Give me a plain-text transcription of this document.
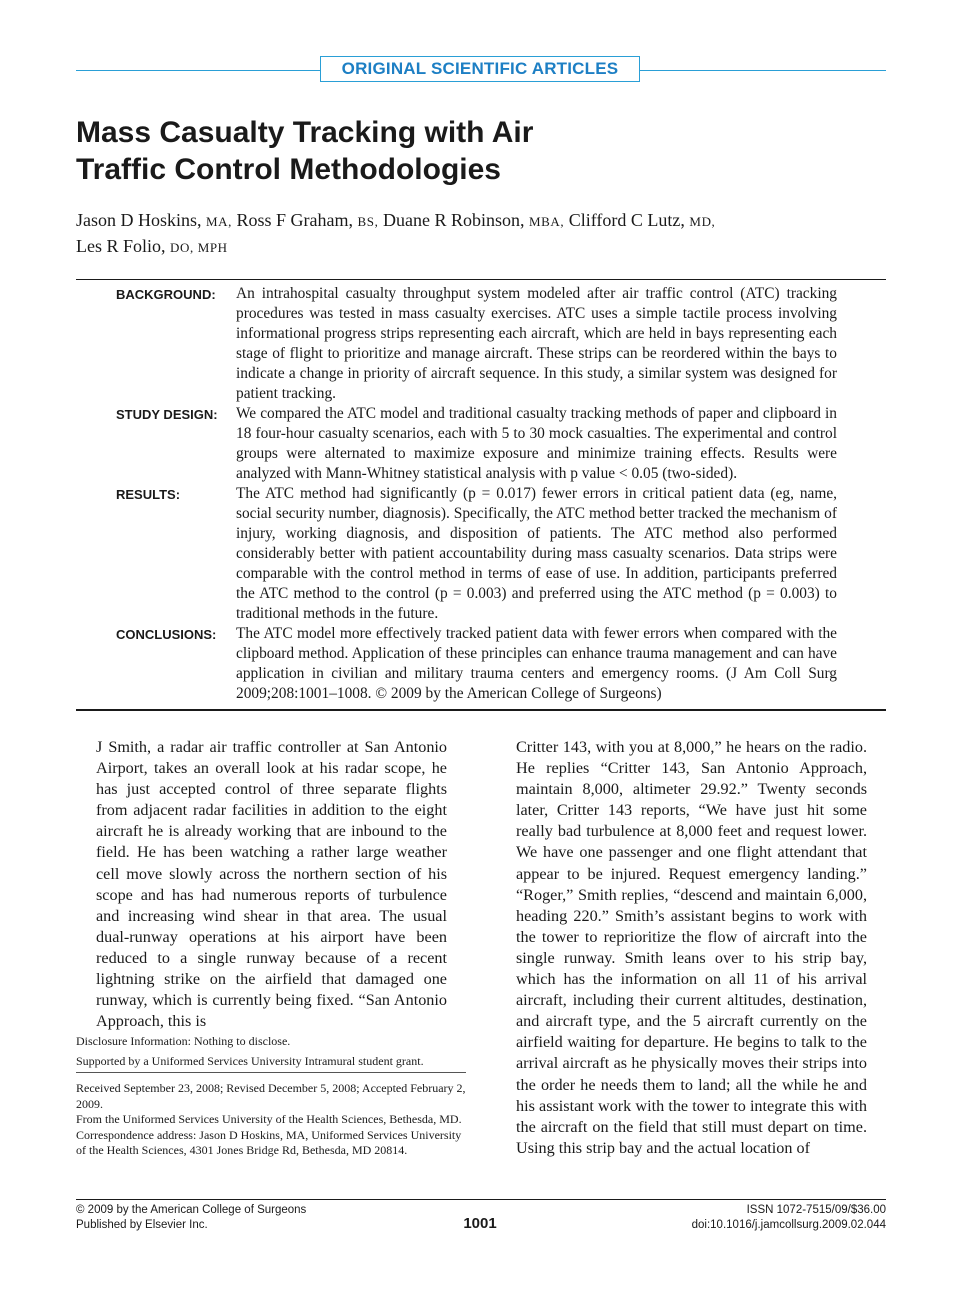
ORIGINAL SCIENTIFIC ARTICLES
Mass Casualty Tracking with Air
Traffic Control Methodologies
Jason D Hoskins, MA, Ross F Graham, BS, Duane R Robinson, MBA, Clifford C Lutz, MD,
Les R Folio, DO, MPH
BACKGROUND:	An intrahospital casualty throughput system modeled after air traffic control (ATC) tracking procedures was tested in mass casualty exercises. ATC uses a simple tactile process involving informational progress strips representing each aircraft, which are held in bays representing each stage of flight to prioritize and manage aircraft. These strips can be reordered within the bays to indicate a change in priority of aircraft sequence. In this study, a similar system was designed for patient tracking.
STUDY DESIGN:	We compared the ATC model and traditional casualty tracking methods of paper and clipboard in 18 four-hour casualty scenarios, each with 5 to 30 mock casualties. The experimental and control groups were alternated to maximize exposure and minimize training effects. Results were analyzed with Mann-Whitney statistical analysis with p value < 0.05 (two-sided).
RESULTS:	The ATC method had significantly (p = 0.017) fewer errors in critical patient data (eg, name, social security number, diagnosis). Specifically, the ATC method better tracked the mechanism of injury, working diagnosis, and disposition of patients. The ATC method also performed considerably better with patient accountability during mass casualty scenarios. Data strips were comparable with the control method in terms of ease of use. In addition, participants preferred the ATC method to the control (p = 0.003) and preferred using the ATC method (p = 0.003) to traditional methods in the future.
CONCLUSIONS:	The ATC model more effectively tracked patient data with fewer errors when compared with the clipboard method. Application of these principles can enhance trauma management and can have application in civilian and military trauma centers and emergency rooms. (J Am Coll Surg 2009;208:1001–1008. © 2009 by the American College of Surgeons)
J Smith, a radar air traffic controller at San Antonio Airport, takes an overall look at his radar scope, he has just accepted control of three separate flights from adjacent radar facilities in addition to the eight aircraft he is already working that are inbound to the field. He has been watching a rather large weather cell move slowly across the northern section of his scope and has had numerous reports of turbulence and increasing wind shear in that area. The usual dual-runway operations at his airport have been reduced to a single runway because of a recent lightning strike on the airfield that damaged one runway, which is currently being fixed. “San Antonio Approach, this is
Critter 143, with you at 8,000,” he hears on the radio. He replies “Critter 143, San Antonio Approach, maintain 8,000, altimeter 29.92.” Twenty seconds later, Critter 143 reports, “We have just hit some really bad turbulence at 8,000 feet and request lower. We have one passenger and one flight attendant that appear to be injured. Request emergency landing.” “Roger,” Smith replies, “descend and maintain 6,000, heading 220.” Smith’s assistant begins to work with the tower to reprioritize the flow of aircraft into the single runway. Smith leans over to his strip bay, which has the information on all 11 of his arrival aircraft, including their current altitudes, destination, and aircraft type, and the 5 aircraft currently on the airfield waiting for departure. He begins to talk to the arrival aircraft as he physically moves their strips into the order he needs them to land; all the while he and his assistant work with the tower to integrate this with the aircraft on the field that still must depart on time. Using this strip bay and the actual location of
Disclosure Information: Nothing to disclose.
Supported by a Uniformed Services University Intramural student grant.
Received September 23, 2008; Revised December 5, 2008; Accepted February 2, 2009.
From the Uniformed Services University of the Health Sciences, Bethesda, MD.
Correspondence address: Jason D Hoskins, MA, Uniformed Services University of the Health Sciences, 4301 Jones Bridge Rd, Bethesda, MD 20814.
© 2009 by the American College of Surgeons
Published by Elsevier Inc.	1001
ISSN 1072-7515/09/$36.00
doi:10.1016/j.jamcollsurg.2009.02.044
